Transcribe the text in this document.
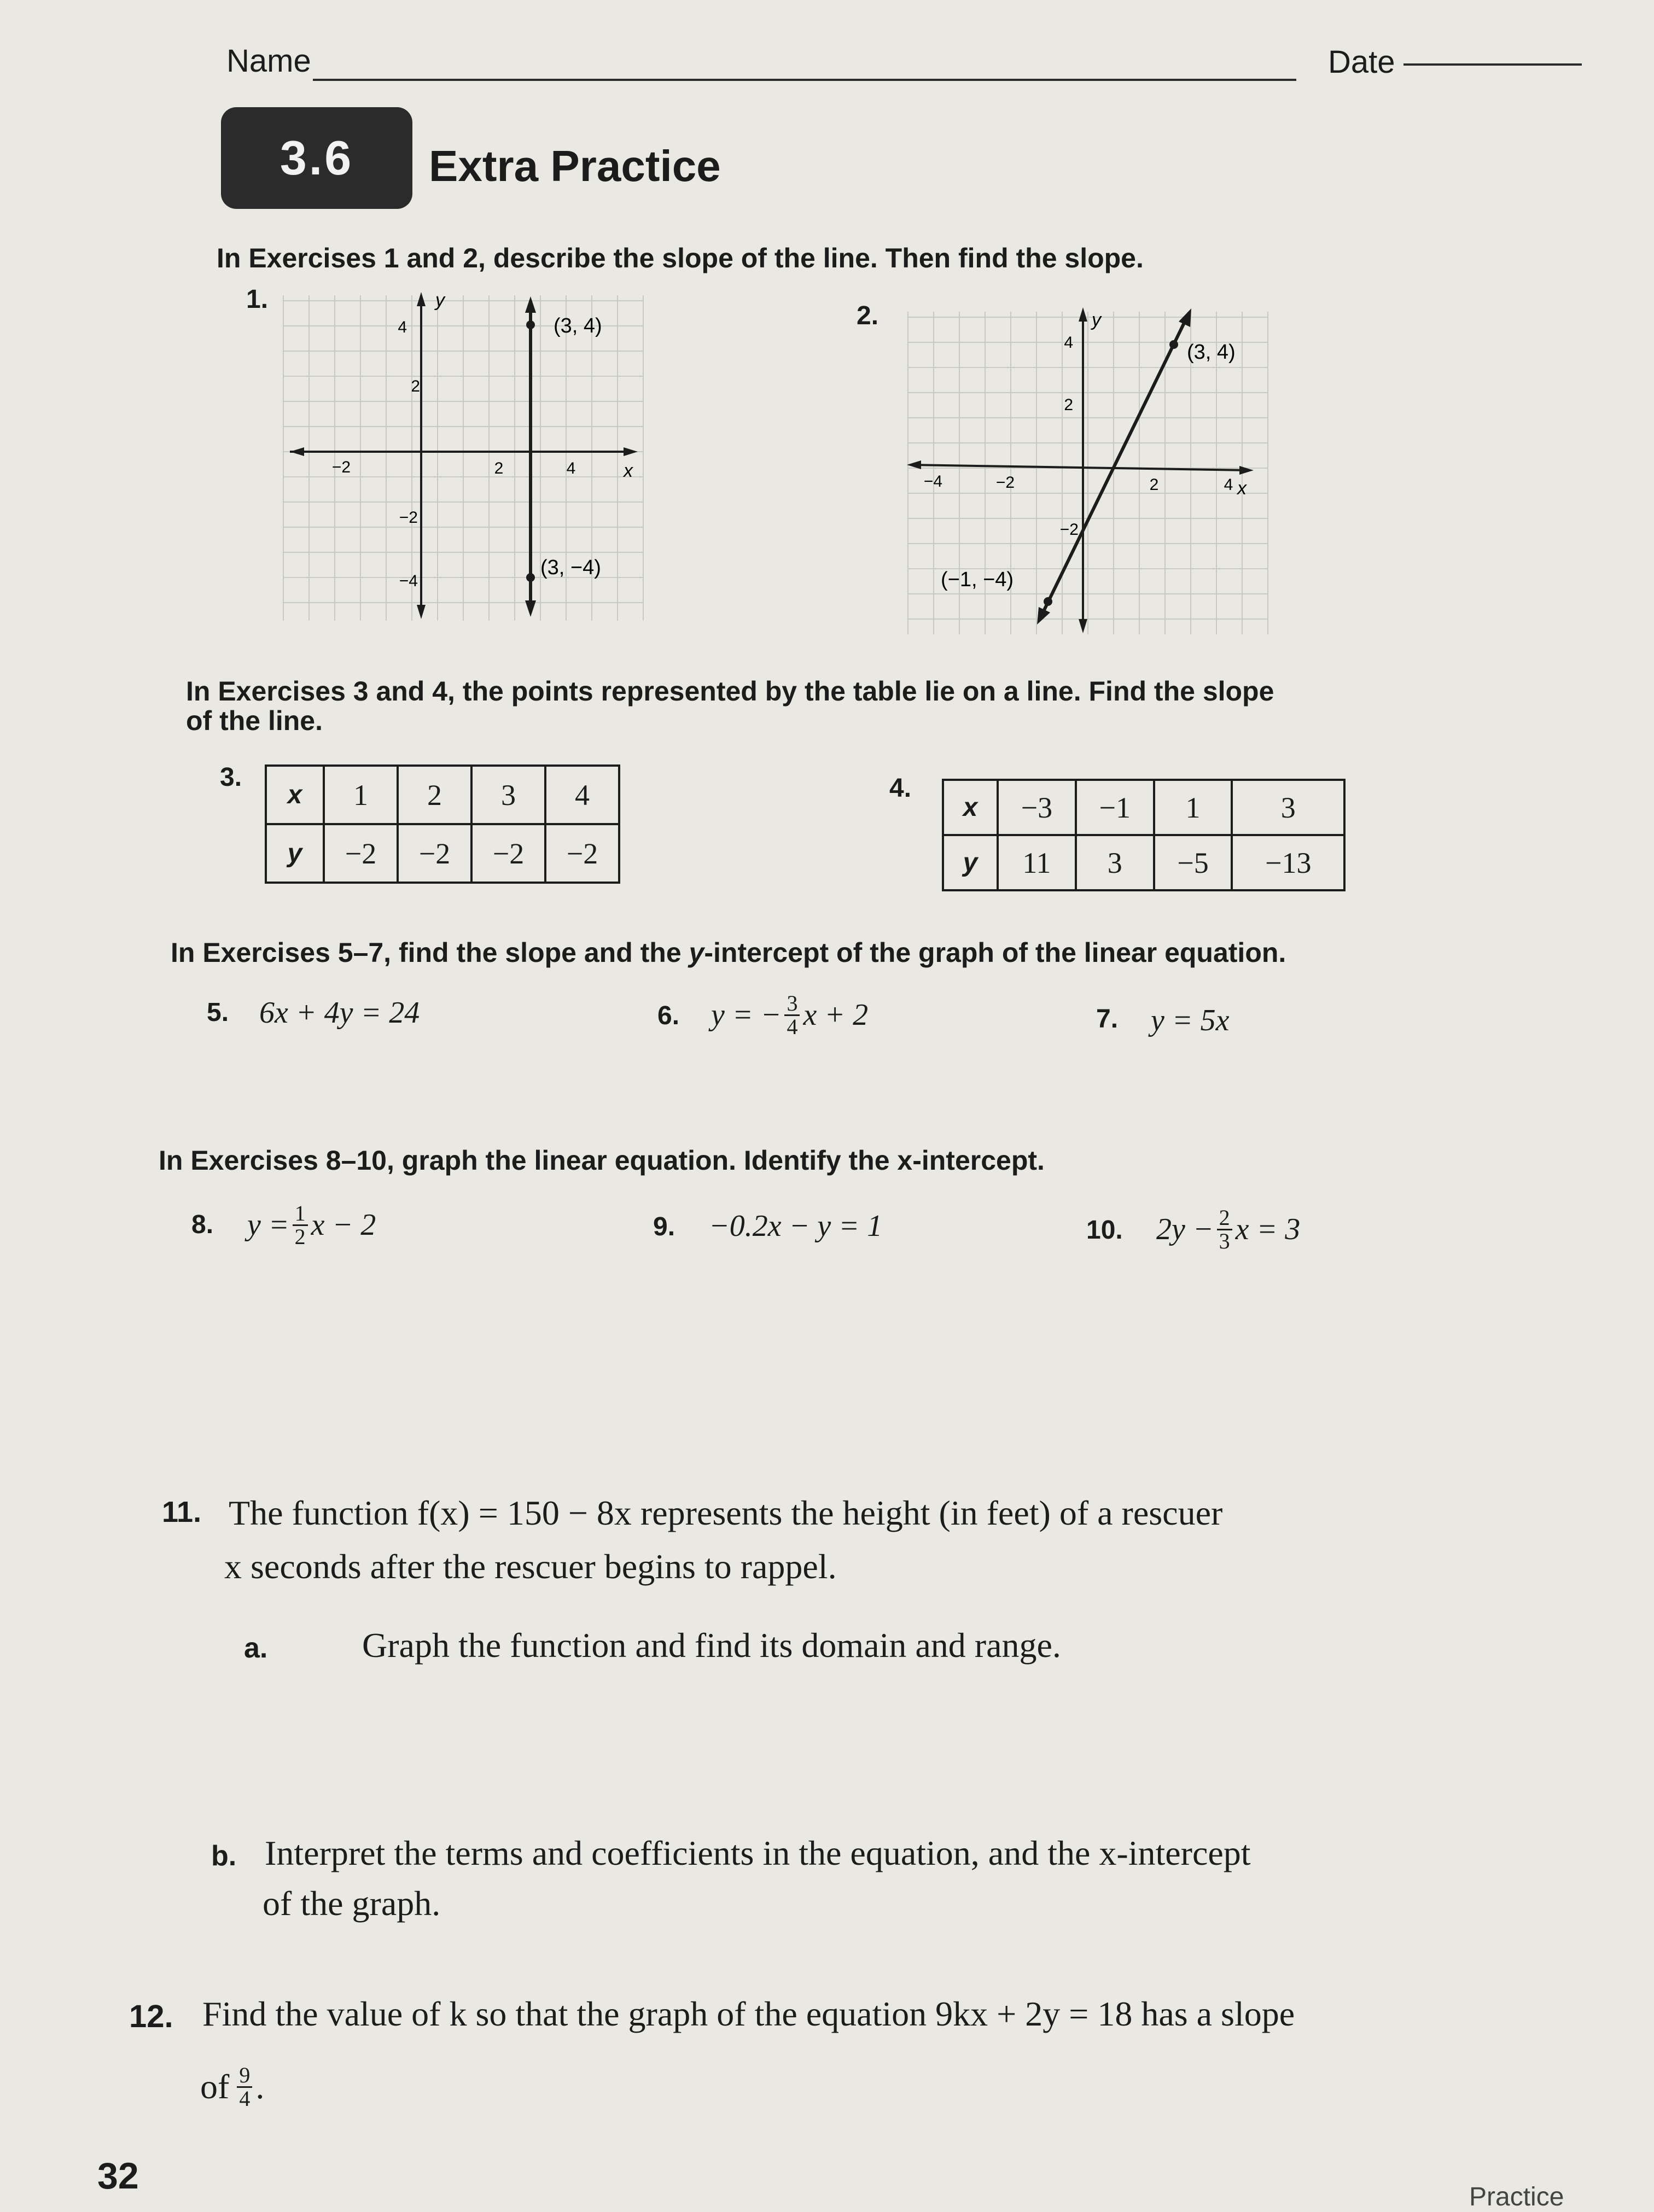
Name	Date
3.6	Extra Practice
In Exercises 1 and 2, describe the slope of the line. Then find the slope.
1.
2.
y
x
4
2
−2	2	4
−2
−4
(3, 4)
(3, −4)
y
x
4
2
−4	−2	2	4
−2
(3, 4)
(−1, −4)
In Exercises 3 and 4, the points represented by the table lie on a line. Find the slope
of the line.
3.
x	1	2	3	4
y	−2	−2	−2	−2
4.
x	−3	−1	1	3
y	11	3	−5	−13
In Exercises 5–7, find the slope and the y-intercept of the graph of the linear equation.
5. 6x + 4y = 24	6. y = − $\frac{3}{4}$ x + 2	7. y = 5x
In Exercises 8–10, graph the linear equation. Identify the x-intercept.
8. $y = \frac{1}{2}$ x − 2	9. −0.2x − y = 1	10. $2y - \frac{2}{3}$ x = 3
11. The function f(x) = 150 − 8x represents the height (in feet) of a rescuer
x seconds after the rescuer begins to rappel.
a.	Graph the function and find its domain and range.
b. Interpret the terms and coefficients in the equation, and the x-intercept
of the graph.
12. Find the value of k so that the graph of the equation 9kx + 2y = 18 has a slope
of $\frac{9}{4}$ .
32
Practice
